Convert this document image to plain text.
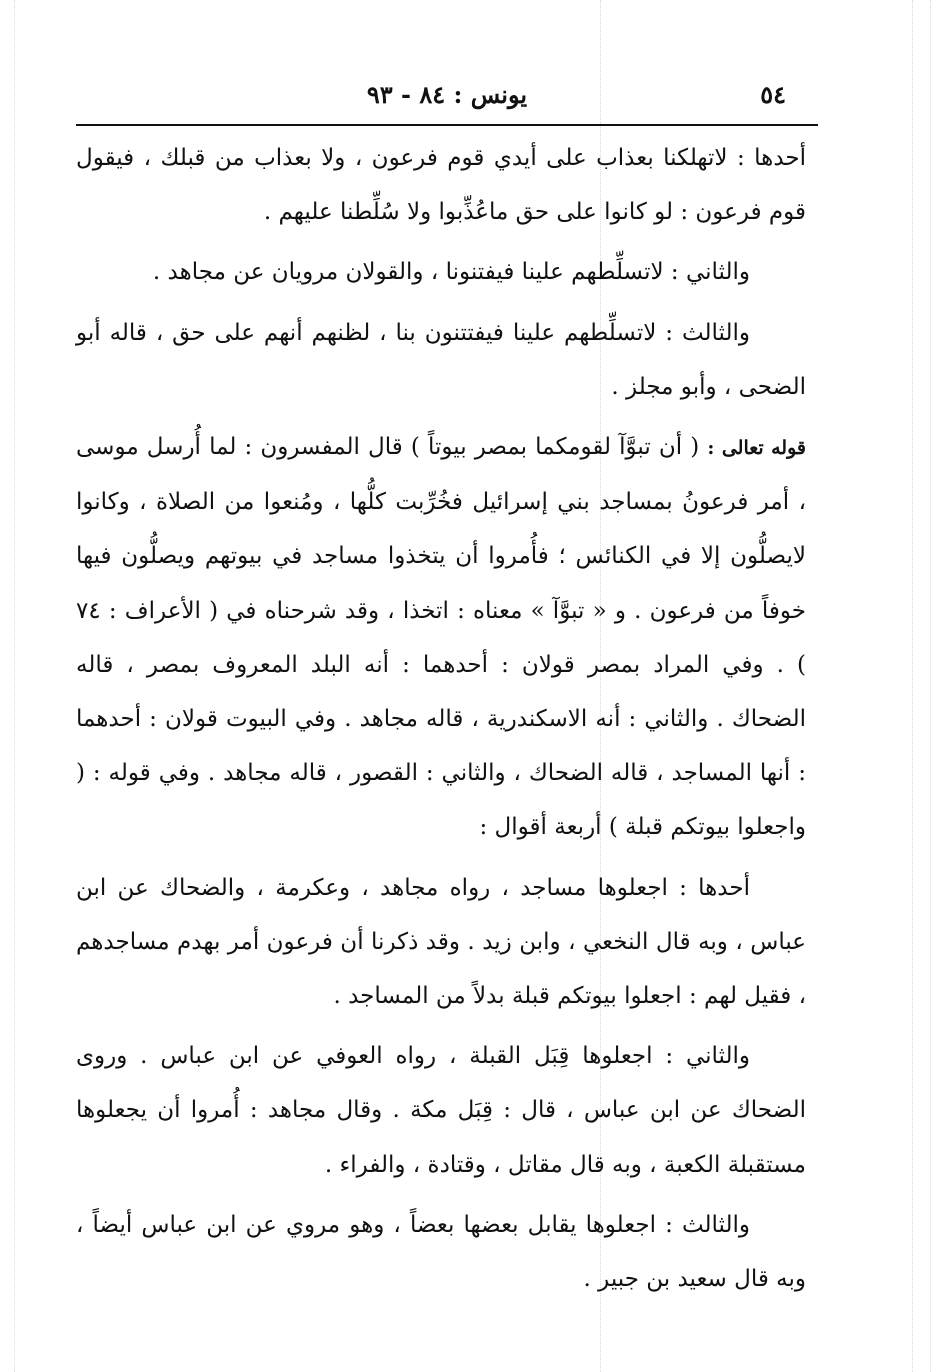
٥٤
يونس : ٨٤ - ٩٣

أحدها : لاتهلكنا بعذاب على أيدي قوم فرعون ، ولا بعذاب من قبلك ، فيقول قوم فرعون : لو كانوا على حق ماعُذِّبوا ولا سُلِّطنا عليهم .

والثاني : لاتسلِّطهم علينا فيفتنونا ، والقولان مرويان عن مجاهد .

والثالث : لاتسلِّطهم علينا فيفتتنون بنا ، لظنهم أنهم على حق ، قاله أبو الضحى ، وأبو مجلز .

قوله تعالى : ( أن تبوَّآ لقومكما بمصر بيوتاً ) قال المفسرون : لما أُرسل موسى ، أمر فرعونُ بمساجد بني إسرائيل فخُرِّبت كلُّها ، ومُنعوا من الصلاة ، وكانوا لايصلُّون إلا في الكنائس ؛ فأُمروا أن يتخذوا مساجد في بيوتهم ويصلُّون فيها خوفاً من فرعون . و « تبوَّآ » معناه : اتخذا ، وقد شرحناه في ( الأعراف : ٧٤ ) . وفي المراد بمصر قولان : أحدهما : أنه البلد المعروف بمصر ، قاله الضحاك . والثاني : أنه الاسكندرية ، قاله مجاهد . وفي البيوت قولان : أحدهما : أنها المساجد ، قاله الضحاك ، والثاني : القصور ، قاله مجاهد . وفي قوله : ( واجعلوا بيوتكم قبلة ) أربعة أقوال :

أحدها : اجعلوها مساجد ، رواه مجاهد ، وعكرمة ، والضحاك عن ابن عباس ، وبه قال النخعي ، وابن زيد . وقد ذكرنا أن فرعون أمر بهدم مساجدهم ، فقيل لهم : اجعلوا بيوتكم قبلة بدلاً من المساجد .

والثاني : اجعلوها قِبَل القبلة ، رواه العوفي عن ابن عباس . وروى الضحاك عن ابن عباس ، قال : قِبَل مكة . وقال مجاهد : أُمروا أن يجعلوها مستقبلة الكعبة ، وبه قال مقاتل ، وقتادة ، والفراء .

والثالث : اجعلوها يقابل بعضها بعضاً ، وهو مروي عن ابن عباس أيضاً ، وبه قال سعيد بن جبير .
